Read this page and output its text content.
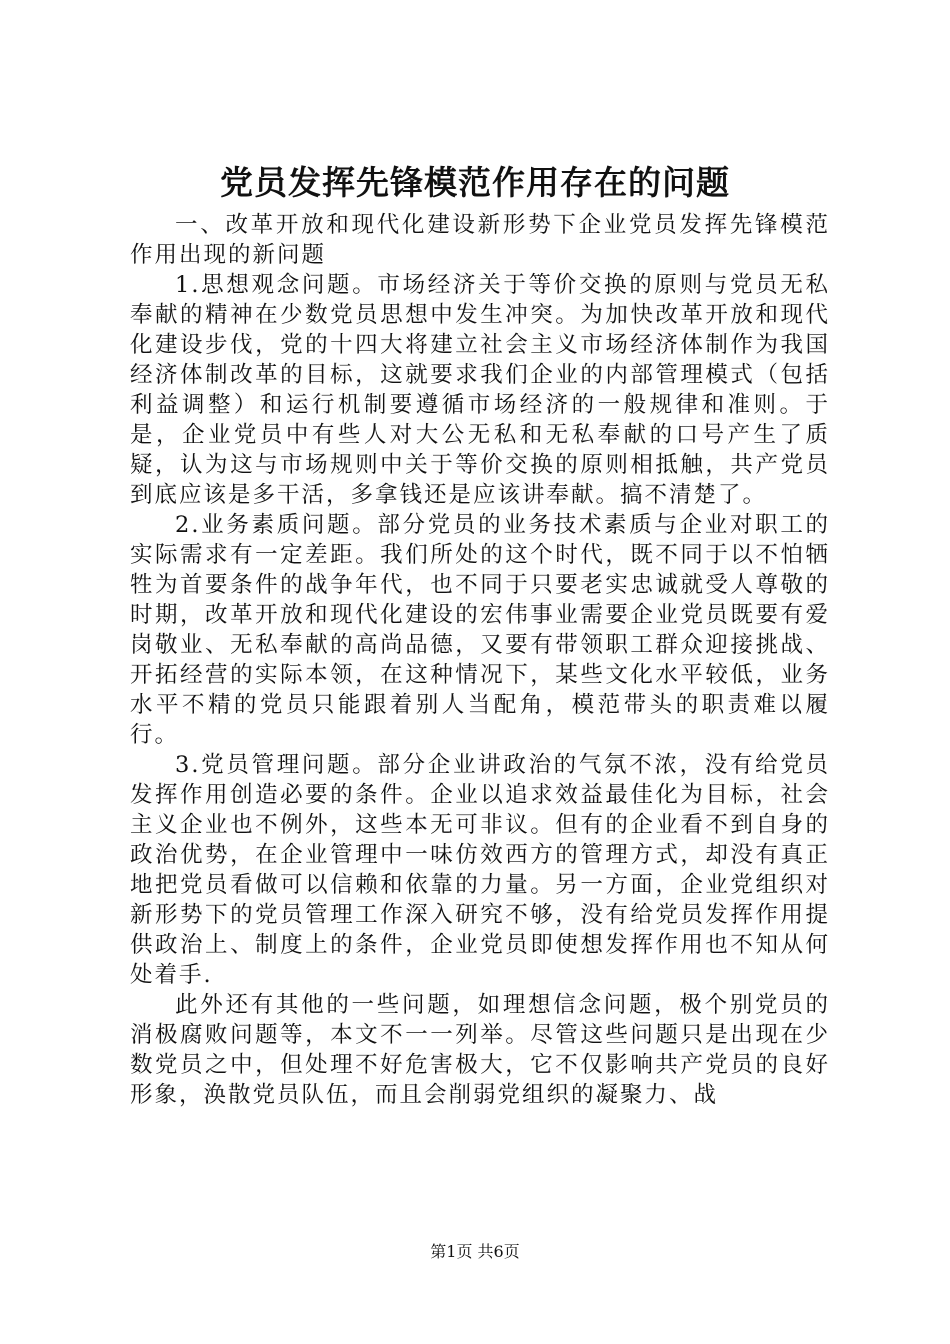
党员发挥先锋模范作用存在的问题

一、改革开放和现代化建设新形势下企业党员发挥先锋模范作用出现的新问题

1.思想观念问题。市场经济关于等价交换的原则与党员无私奉献的精神在少数党员思想中发生冲突。为加快改革开放和现代化建设步伐，党的十四大将建立社会主义市场经济体制作为我国经济体制改革的目标，这就要求我们企业的内部管理模式（包括利益调整）和运行机制要遵循市场经济的一般规律和准则。于是，企业党员中有些人对大公无私和无私奉献的口号产生了质疑，认为这与市场规则中关于等价交换的原则相抵触，共产党员到底应该是多干活，多拿钱还是应该讲奉献。搞不清楚了。

2.业务素质问题。部分党员的业务技术素质与企业对职工的实际需求有一定差距。我们所处的这个时代，既不同于以不怕牺牲为首要条件的战争年代，也不同于只要老实忠诚就受人尊敬的时期，改革开放和现代化建设的宏伟事业需要企业党员既要有爱岗敬业、无私奉献的高尚品德，又要有带领职工群众迎接挑战、开拓经营的实际本领，在这种情况下，某些文化水平较低，业务水平不精的党员只能跟着别人当配角，模范带头的职责难以履行。

3.党员管理问题。部分企业讲政治的气氛不浓，没有给党员发挥作用创造必要的条件。企业以追求效益最佳化为目标，社会主义企业也不例外，这些本无可非议。但有的企业看不到自身的政治优势，在企业管理中一味仿效西方的管理方式，却没有真正地把党员看做可以信赖和依靠的力量。另一方面，企业党组织对新形势下的党员管理工作深入研究不够，没有给党员发挥作用提供政治上、制度上的条件，企业党员即使想发挥作用也不知从何处着手.

此外还有其他的一些问题，如理想信念问题，极个别党员的消极腐败问题等，本文不一一列举。尽管这些问题只是出现在少数党员之中，但处理不好危害极大，它不仅影响共产党员的良好形象，涣散党员队伍，而且会削弱党组织的凝聚力、战

第1页 共6页
